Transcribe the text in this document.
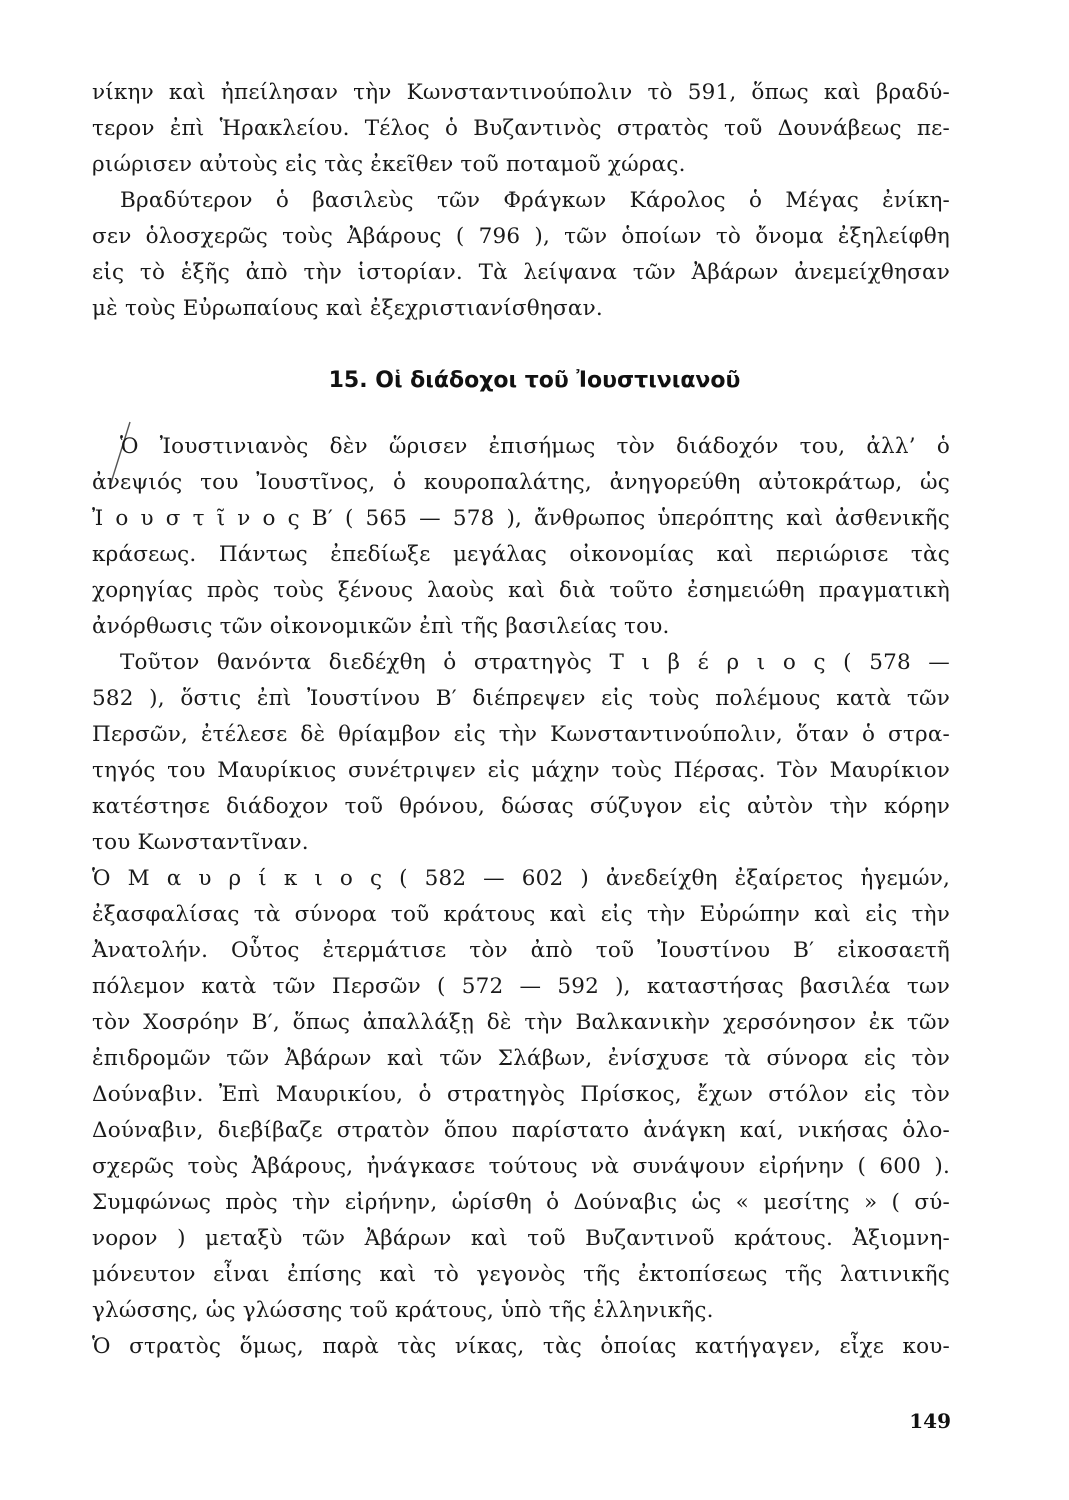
νίκην καὶ ἠπείλησαν τὴν Κωνσταντινούπολιν τὸ 591, ὅπως καὶ βραδύ-
τερον ἐπὶ Ἡρακλείου. Τέλος ὁ Βυζαντινὸς στρατὸς τοῦ Δουνάβεως πε-
ριώρισεν αὐτοὺς εἰς τὰς ἐκεῖθεν τοῦ ποταμοῦ χώρας.
Βραδύτερον ὁ βασιλεὺς τῶν Φράγκων Κάρολος ὁ Μέγας ἐνίκη-
σεν ὁλοσχερῶς τοὺς Ἀβάρους ( 796 ), τῶν ὁποίων τὸ ὄνομα ἐξηλείφθη
εἰς τὸ ἑξῆς ἀπὸ τὴν ἱστορίαν. Τὰ λείψανα τῶν Ἀβάρων ἀνεμείχθησαν
μὲ τοὺς Εὐρωπαίους καὶ ἐξεχριστιανίσθησαν.
15. Οἱ διάδοχοι τοῦ Ἰουστινιανοῦ
Ὁ Ἰουστινιανὸς δὲν ὥρισεν ἐπισήμως τὸν διάδοχόν του, ἀλλ’ ὁ
ἀνεψιός του Ἰουστῖνος, ὁ κουροπαλάτης, ἀνηγορεύθη αὐτοκράτωρ, ὡς
Ἰ ο υ σ τ ῖ ν ο ς Β′ ( 565 — 578 ), ἄνθρωπος ὑπερόπτης καὶ ἀσθενικῆς
κράσεως. Πάντως ἐπεδίωξε μεγάλας οἰκονομίας καὶ περιώρισε τὰς
χορηγίας πρὸς τοὺς ξένους λαοὺς καὶ διὰ τοῦτο ἐσημειώθη πραγματικὴ
ἀνόρθωσις τῶν οἰκονομικῶν ἐπὶ τῆς βασιλείας του.
Τοῦτον θανόντα διεδέχθη ὁ στρατηγὸς Τ ι β έ ρ ι ο ς ( 578 —
582 ), ὅστις ἐπὶ Ἰουστίνου Β′ διέπρεψεν εἰς τοὺς πολέμους κατὰ τῶν
Περσῶν, ἐτέλεσε δὲ θρίαμβον εἰς τὴν Κωνσταντινούπολιν, ὅταν ὁ στρα-
τηγός του Μαυρίκιος συνέτριψεν εἰς μάχην τοὺς Πέρσας. Τὸν Μαυρίκιον
κατέστησε διάδοχον τοῦ θρόνου, δώσας σύζυγον εἰς αὐτὸν τὴν κόρην
του Κωνσταντῖναν.
Ὁ Μ α υ ρ ί κ ι ο ς ( 582 — 602 ) ἀνεδείχθη ἐξαίρετος ἡγεμών,
ἐξασφαλίσας τὰ σύνορα τοῦ κράτους καὶ εἰς τὴν Εὐρώπην καὶ εἰς τὴν
Ἀνατολήν. Οὗτος ἐτερμάτισε τὸν ἀπὸ τοῦ Ἰουστίνου Β′ εἰκοσαετῆ
πόλεμον κατὰ τῶν Περσῶν ( 572 — 592 ), καταστήσας βασιλέα των
τὸν Χοσρόην Β′, ὅπως ἀπαλλάξῃ δὲ τὴν Βαλκανικὴν χερσόνησον ἐκ τῶν
ἐπιδρομῶν τῶν Ἀβάρων καὶ τῶν Σλάβων, ἐνίσχυσε τὰ σύνορα εἰς τὸν
Δούναβιν. Ἐπὶ Μαυρικίου, ὁ στρατηγὸς Πρίσκος, ἔχων στόλον εἰς τὸν
Δούναβιν, διεβίβαζε στρατὸν ὅπου παρίστατο ἀνάγκη καί, νικήσας ὁλο-
σχερῶς τοὺς Ἀβάρους, ἠνάγκασε τούτους νὰ συνάψουν εἰρήνην ( 600 ).
Συμφώνως πρὸς τὴν εἰρήνην, ὡρίσθη ὁ Δούναβις ὡς « μεσίτης » ( σύ-
νορον ) μεταξὺ τῶν Ἀβάρων καὶ τοῦ Βυζαντινοῦ κράτους. Ἀξιομνη-
μόνευτον εἶναι ἐπίσης καὶ τὸ γεγονὸς τῆς ἐκτοπίσεως τῆς λατινικῆς
γλώσσης, ὡς γλώσσης τοῦ κράτους, ὑπὸ τῆς ἑλληνικῆς.
Ὁ στρατὸς ὅμως, παρὰ τὰς νίκας, τὰς ὁποίας κατήγαγεν, εἶχε κου-
149
